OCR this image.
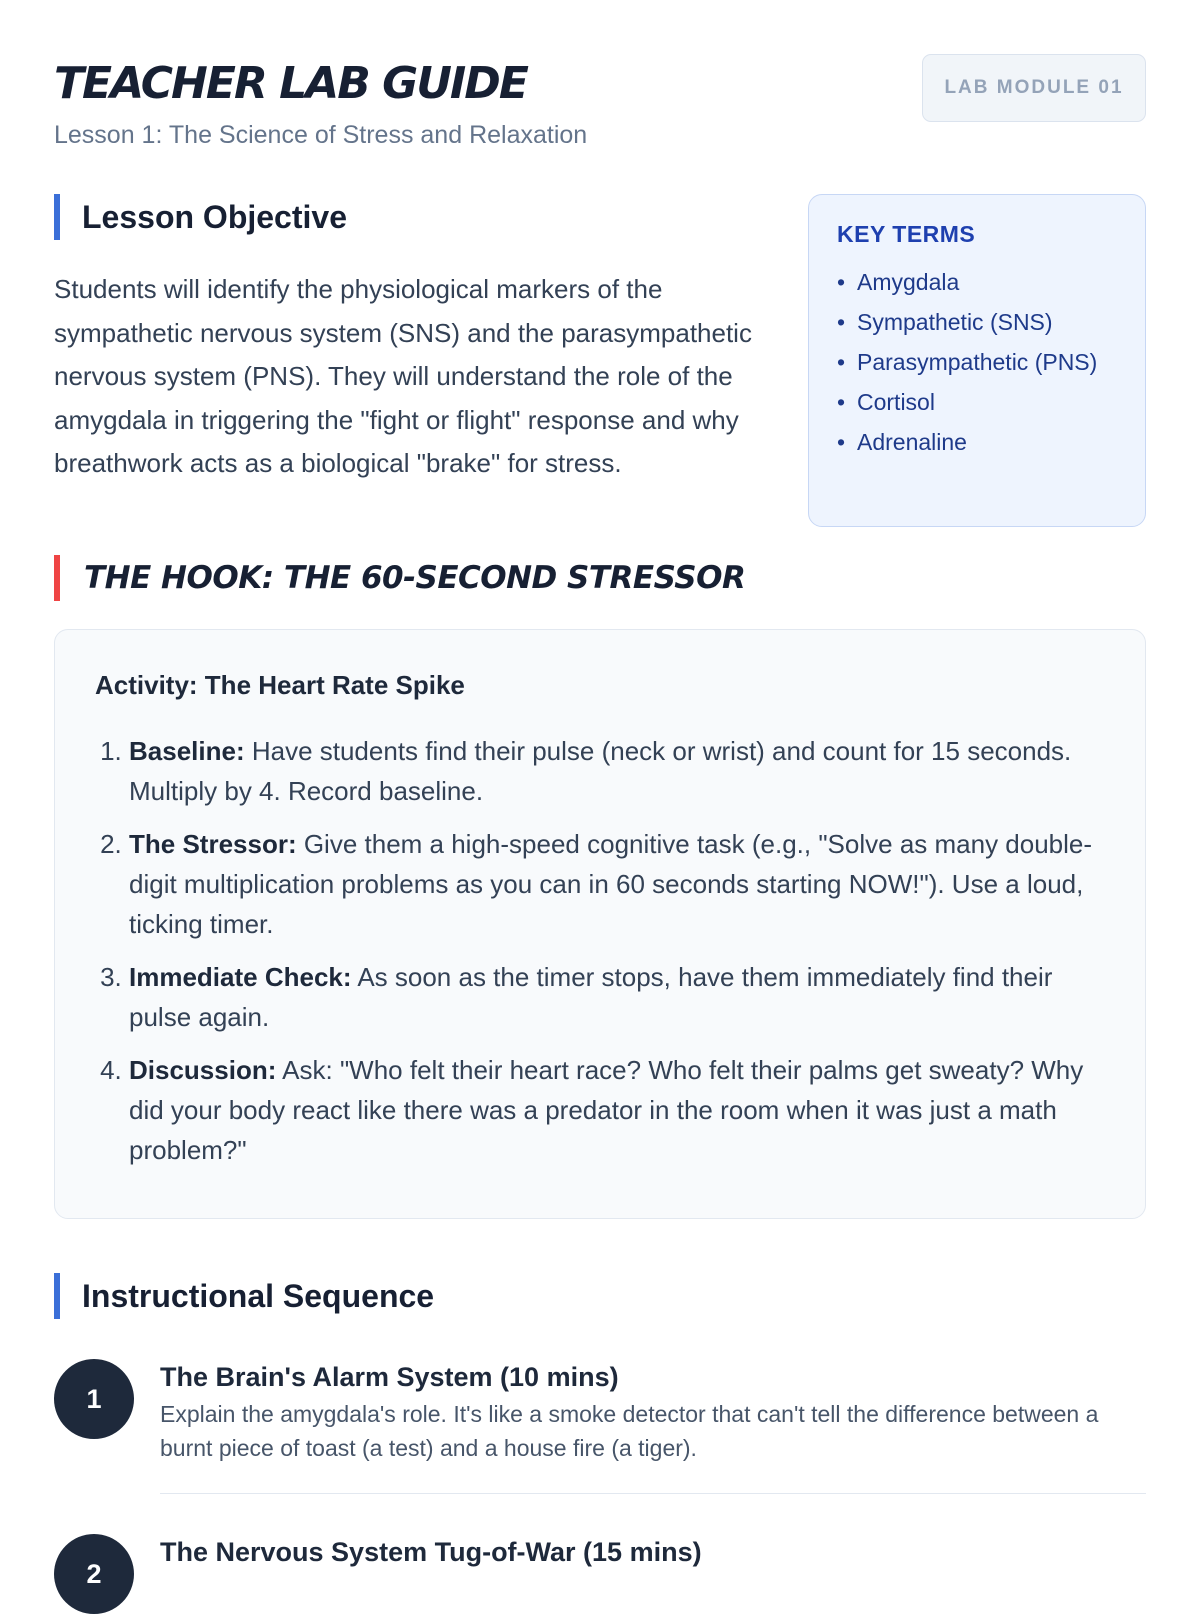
TEACHER LAB GUIDE
Lesson 1: The Science of Stress and Relaxation
LAB MODULE 01
Lesson Objective
Students will identify the physiological markers of the sympathetic nervous system (SNS) and the parasympathetic nervous system (PNS). They will understand the role of the amygdala in triggering the "fight or flight" response and why breathwork acts as a biological "brake" for stress.
KEY TERMS
• Amygdala
• Sympathetic (SNS)
• Parasympathetic (PNS)
• Cortisol
• Adrenaline
THE HOOK: THE 60-SECOND STRESSOR
Activity: The Heart Rate Spike
1. Baseline: Have students find their pulse (neck or wrist) and count for 15 seconds. Multiply by 4. Record baseline.
2. The Stressor: Give them a high-speed cognitive task (e.g., "Solve as many double-digit multiplication problems as you can in 60 seconds starting NOW!"). Use a loud, ticking timer.
3. Immediate Check: As soon as the timer stops, have them immediately find their pulse again.
4. Discussion: Ask: "Who felt their heart race? Who felt their palms get sweaty? Why did your body react like there was a predator in the room when it was just a math problem?"
Instructional Sequence
1
The Brain's Alarm System (10 mins)
Explain the amygdala's role. It's like a smoke detector that can't tell the difference between a burnt piece of toast (a test) and a house fire (a tiger).
2
The Nervous System Tug-of-War (15 mins)
